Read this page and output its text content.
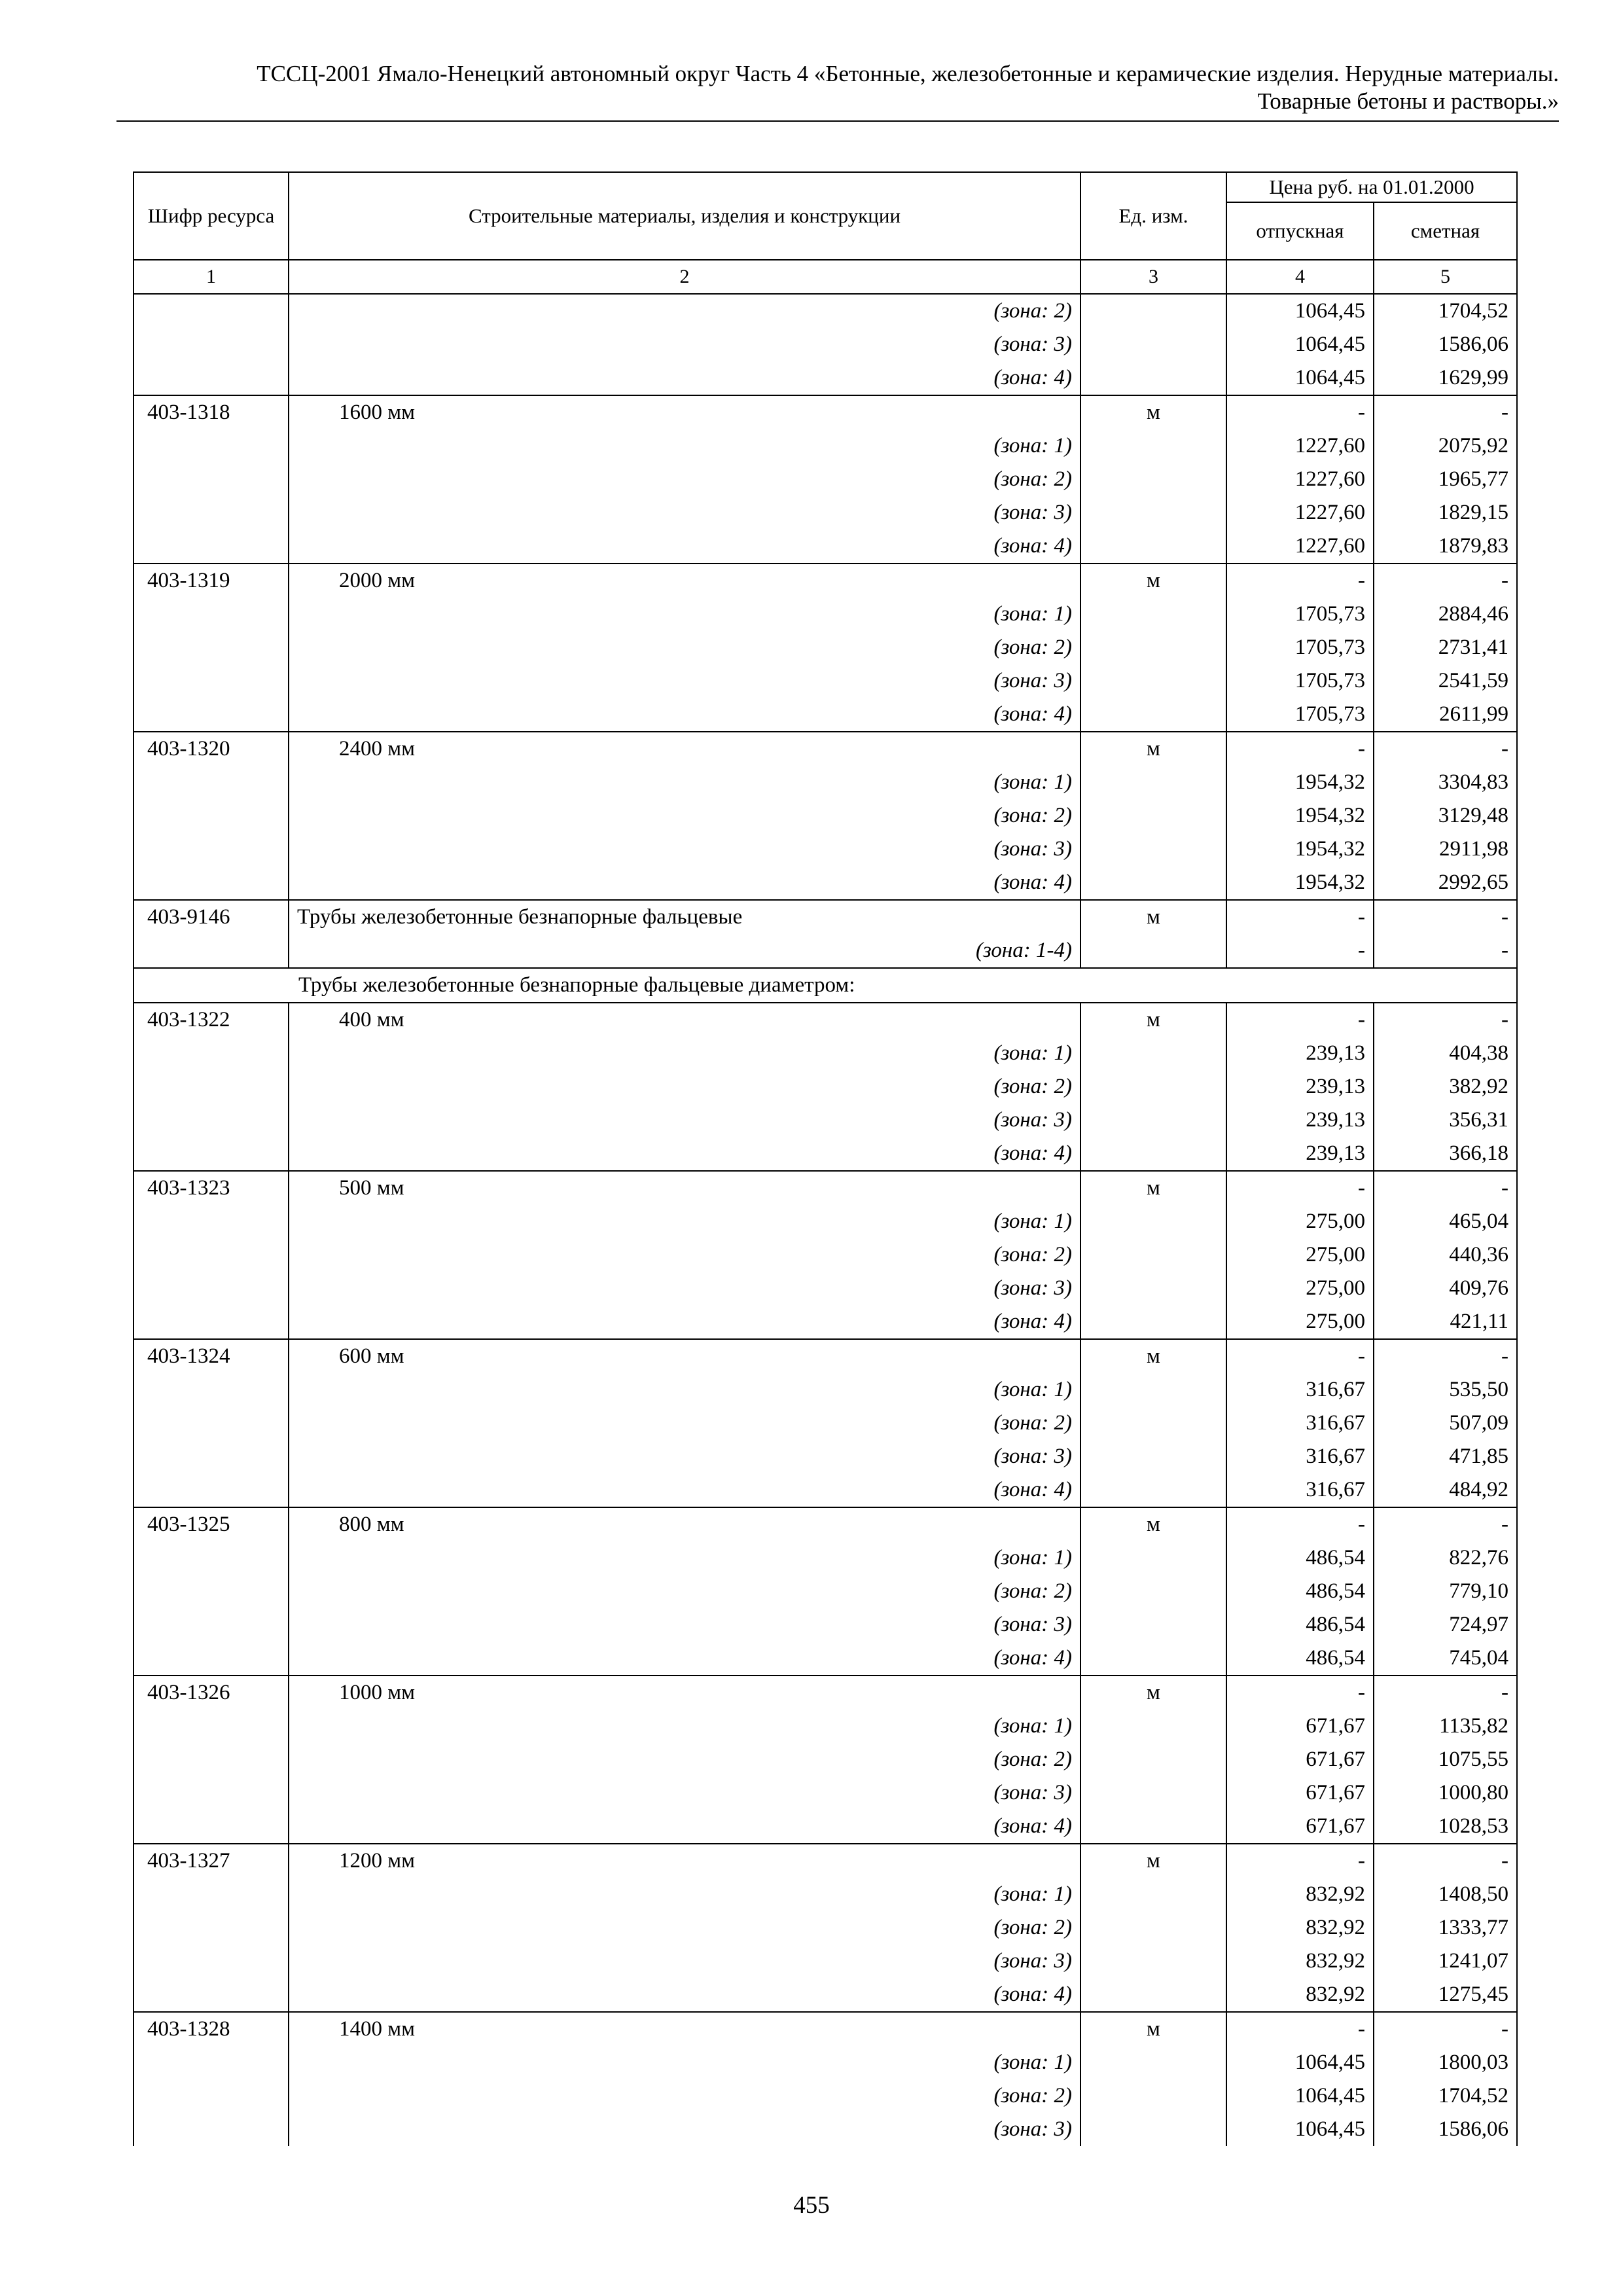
ТССЦ-2001 Ямало-Ненецкий автономный округ Часть 4 «Бетонные, железобетонные и керамические изделия. Нерудные материалы.
Товарные бетоны и растворы.»
Шифр ресурса	Строительные материалы, изделия и конструкции	Ед. изм.	Цена руб. на 01.01.2000	
			отпускная	сметная
1	2	3	4	5
	(зона: 2)		1064,45	1704,52
	(зона: 3)		1064,45	1586,06
	(зона: 4)		1064,45	1629,99
403-1318	1600 мм	м	-	-
	(зона: 1)		1227,60	2075,92
	(зона: 2)		1227,60	1965,77
	(зона: 3)		1227,60	1829,15
	(зона: 4)		1227,60	1879,83
403-1319	2000 мм	м	-	-
	(зона: 1)		1705,73	2884,46
	(зона: 2)		1705,73	2731,41
	(зона: 3)		1705,73	2541,59
	(зона: 4)		1705,73	2611,99
403-1320	2400 мм	м	-	-
	(зона: 1)		1954,32	3304,83
	(зона: 2)		1954,32	3129,48
	(зона: 3)		1954,32	2911,98
	(зона: 4)		1954,32	2992,65
403-9146	Трубы железобетонные безнапорные фальцевые	м	-	-
	(зона: 1-4)		-	-
Трубы железобетонные безнапорные фальцевые диаметром:				
403-1322	400 мм	м	-	-
	(зона: 1)		239,13	404,38
	(зона: 2)		239,13	382,92
	(зона: 3)		239,13	356,31
	(зона: 4)		239,13	366,18
403-1323	500 мм	м	-	-
	(зона: 1)		275,00	465,04
	(зона: 2)		275,00	440,36
	(зона: 3)		275,00	409,76
	(зона: 4)		275,00	421,11
403-1324	600 мм	м	-	-
	(зона: 1)		316,67	535,50
	(зона: 2)		316,67	507,09
	(зона: 3)		316,67	471,85
	(зона: 4)		316,67	484,92
403-1325	800 мм	м	-	-
	(зона: 1)		486,54	822,76
	(зона: 2)		486,54	779,10
	(зона: 3)		486,54	724,97
	(зона: 4)		486,54	745,04
403-1326	1000 мм	м	-	-
	(зона: 1)		671,67	1135,82
	(зона: 2)		671,67	1075,55
	(зона: 3)		671,67	1000,80
	(зона: 4)		671,67	1028,53
403-1327	1200 мм	м	-	-
	(зона: 1)		832,92	1408,50
	(зона: 2)		832,92	1333,77
	(зона: 3)		832,92	1241,07
	(зона: 4)		832,92	1275,45
403-1328	1400 мм	м	-	-
	(зона: 1)		1064,45	1800,03
	(зона: 2)		1064,45	1704,52
	(зона: 3)		1064,45	1586,06
455
